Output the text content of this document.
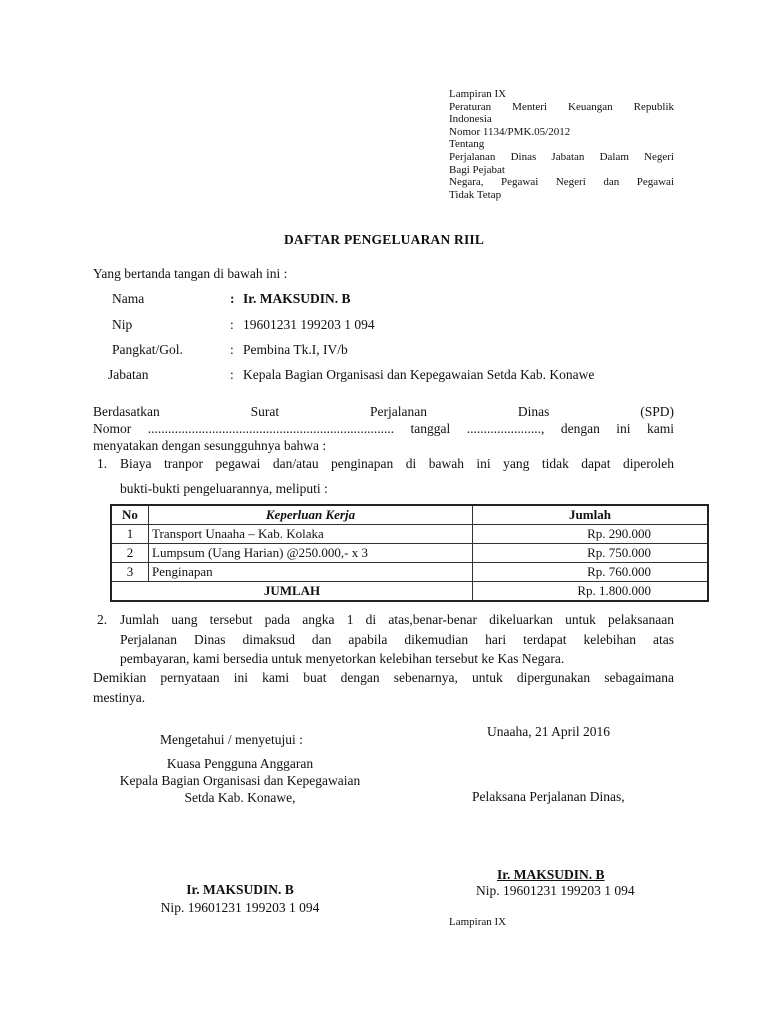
Lampiran IX
Peraturan Menteri Keuangan Republik
Indonesia
Nomor 1134/PMK.05/2012
Tentang
Perjalanan Dinas Jabatan Dalam Negeri
Bagi Pejabat
Negara, Pegawai Negeri dan Pegawai
Tidak Tetap
DAFTAR PENGELUARAN RIIL
Yang bertanda tangan di bawah ini :
Nama	: Ir. MAKSUDIN. B
Nip	: 19601231 199203 1 094
Pangkat/Gol.	: Pembina Tk.I, IV/b
Jabatan	: Kepala Bagian Organisasi dan Kepegawaian Setda Kab. Konawe
Berdasatkan Surat Perjalanan Dinas (SPD)
Nomor ......................................................................... tanggal ......................, dengan ini kami
menyatakan dengan sesungguhnya bahwa :
1. Biaya tranpor pegawai dan/atau penginapan di bawah ini yang tidak dapat diperoleh
bukti-bukti pengeluarannya, meliputi :
No	Keperluan Kerja	Jumlah
1	Transport Unaaha – Kab. Kolaka	Rp. 290.000
2	Lumpsum (Uang Harian) @250.000,- x 3	Rp. 750.000
3	Penginapan	Rp. 760.000
JUMLAH		Rp. 1.800.000
2. Jumlah uang tersebut pada angka 1 di atas,benar-benar dikeluarkan untuk pelaksanaan
Perjalanan Dinas dimaksud dan apabila dikemudian hari terdapat kelebihan atas
pembayaran, kami bersedia untuk menyetorkan kelebihan tersebut ke Kas Negara.
Demikian pernyataan ini kami buat dengan sebenarnya, untuk dipergunakan sebagaimana
mestinya.
Mengetahui / menyetujui :
Kuasa Pengguna Anggaran
Kepala Bagian Organisasi dan Kepegawaian
Setda Kab. Konawe,
Ir. MAKSUDIN. B
Nip. 19601231 199203 1 094
Unaaha, 21 April 2016
Pelaksana Perjalanan Dinas,
Ir. MAKSUDIN. B
Nip. 19601231 199203 1 094
Lampiran IX
